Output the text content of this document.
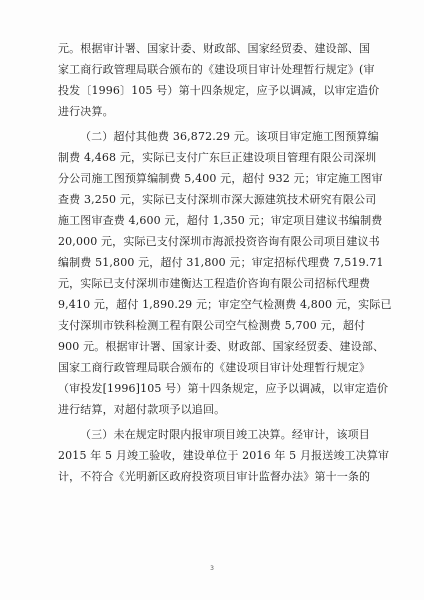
元。根据审计署、国家计委、财政部、国家经贸委、建设部、国
家工商行政管理局联合颁布的《建设项目审计处理暂行规定》(审
投发〔1996〕105 号）第十四条规定，应予以调减，以审定造价
进行决算。
（二）超付其他费 36,872.29 元。该项目审定施工图预算编
制费 4,468 元，实际已支付广东巨正建设项目管理有限公司深圳
分公司施工图预算编制费 5,400 元，超付 932 元；审定施工图审
查费 3,250 元，实际已支付深圳市深大源建筑技术研究有限公司
施工图审查费 4,600 元，超付 1,350 元；审定项目建议书编制费
20,000 元，实际已支付深圳市海派投资咨询有限公司项目建议书
编制费 51,800 元，超付 31,800 元；审定招标代理费 7,519.71
元，实际已支付深圳市建衡达工程造价咨询有限公司招标代理费
9,410 元，超付 1,890.29 元；审定空气检测费 4,800 元，实际已
支付深圳市铁科检测工程有限公司空气检测费 5,700 元，超付
900 元。根据审计署、国家计委、财政部、国家经贸委、建设部、
国家工商行政管理局联合颁布的《建设项目审计处理暂行规定》
（审投发[1996]105 号）第十四条规定，应予以调减，以审定造价
进行结算，对超付款项予以追回。
（三）未在规定时限内报审项目竣工决算。经审计，该项目
2015 年 5 月竣工验收，建设单位于 2016 年 5 月报送竣工决算审
计，不符合《光明新区政府投资项目审计监督办法》第十一条的
3
